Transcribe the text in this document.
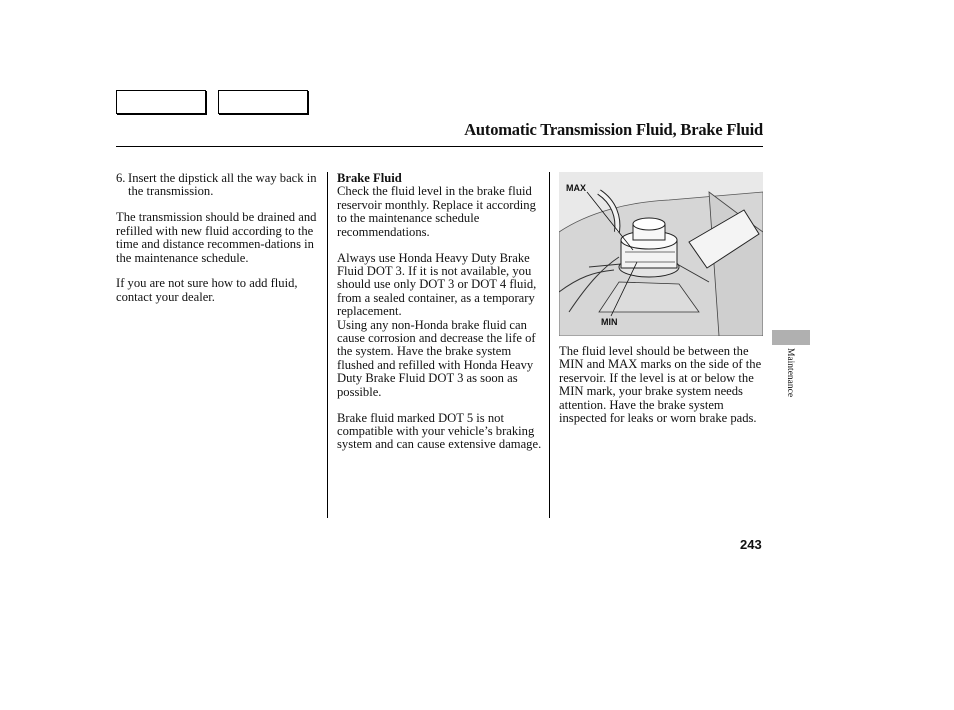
Automatic Transmission Fluid, Brake Fluid

6. Insert the dipstick all the way back in the transmission.

The transmission should be drained and refilled with new fluid according to the time and distance recommen-dations in the maintenance schedule.

If you are not sure how to add fluid, contact your dealer.

Brake Fluid

Check the fluid level in the brake fluid reservoir monthly. Replace it according to the maintenance schedule recommendations.

Always use Honda Heavy Duty Brake Fluid DOT 3. If it is not available, you should use only DOT 3 or DOT 4 fluid, from a sealed container, as a temporary replacement.

Using any non-Honda brake fluid can cause corrosion and decrease the life of the system. Have the brake system flushed and refilled with Honda Heavy Duty Brake Fluid DOT 3 as soon as possible.

Brake fluid marked DOT 5 is not compatible with your vehicle’s braking system and can cause extensive damage.

MAX
MIN

The fluid level should be between the MIN and MAX marks on the side of the reservoir. If the level is at or below the MIN mark, your brake system needs attention. Have the brake system inspected for leaks or worn brake pads.

Maintenance
243
